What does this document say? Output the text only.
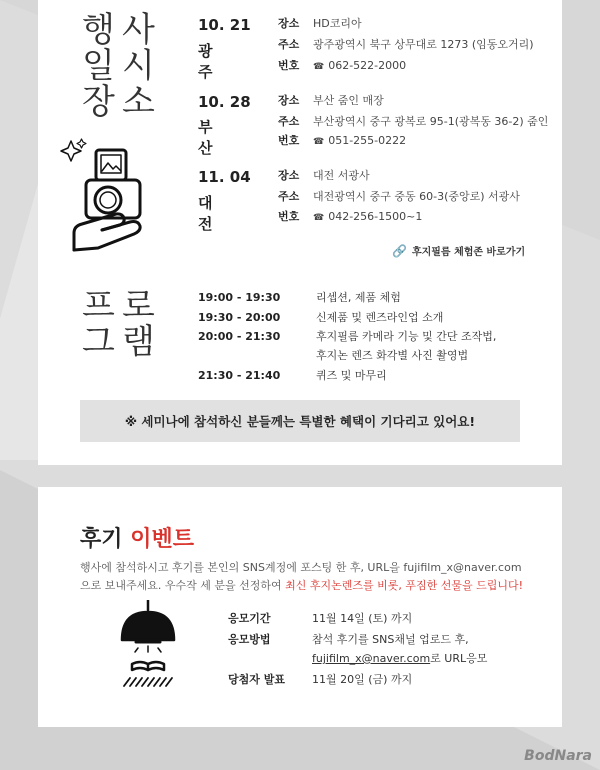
행
일
장
사
시
소
10. 21
광주
장소 HD코리아
주소 광주광역시 북구 상무대로 1273 (임동오거리)
번호 ☎ 062-522-2000
10. 28
부산
장소 부산 줌인 매장
주소 부산광역시 중구 광복로 95-1(광복동 36-2) 줌인
번호 ☎ 051-255-0222
11. 04
대전
장소 대전 서광사
주소 대전광역시 중구 중동 60-3(중앙로) 서광사
번호 ☎ 042-256-1500~1
🔗 후지필름 체험존 바로가기
프
그
로
램
19:00 - 19:30	리셉션, 제품 체험
19:30 - 20:00	신제품 및 렌즈라인업 소개
20:00 - 21:30	후지필름 카메라 기능 및 간단 조작법,
후지논 렌즈 화각별 사진 촬영법
21:30 - 21:40	퀴즈 및 마무리
※ 세미나에 참석하신 분들께는 특별한 혜택이 기다리고 있어요!
후기 이벤트
행사에 참석하시고 후기를 본인의 SNS계정에 포스팅 한 후, URL을 fujifilm_x@naver.com
으로 보내주세요. 우수작 세 분을 선정하여 최신 후지논렌즈를 비롯, 푸짐한 선물을 드립니다!
응모기간	11월 14일 (토) 까지
응모방법	참석 후기를 SNS채널 업로드 후,
fujifilm_x@naver.com로 URL응모
당첨자 발표 11월 20일 (금) 까지
BodNara
